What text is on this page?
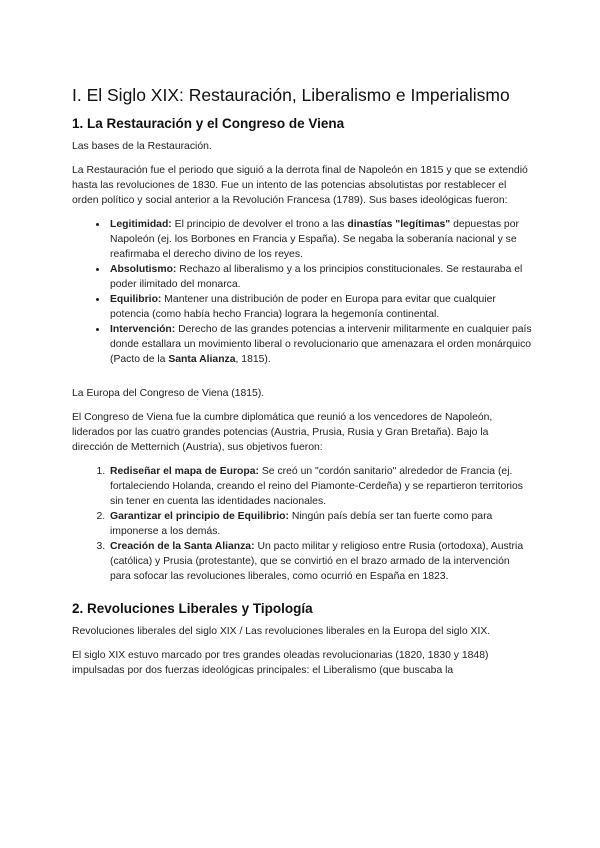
I. El Siglo XIX: Restauración, Liberalismo e Imperialismo
1. La Restauración y el Congreso de Viena

Las bases de la Restauración.

La Restauración fue el periodo que siguió a la derrota final de Napoleón en 1815 y que se extendió hasta las revoluciones de 1830. Fue un intento de las potencias absolutistas por restablecer el orden político y social anterior a la Revolución Francesa (1789). Sus bases ideológicas fueron:

• Legitimidad: El principio de devolver el trono a las dinastías "legítimas" depuestas por Napoleón (ej. los Borbones en Francia y España). Se negaba la soberanía nacional y se reafirmaba el derecho divino de los reyes.
• Absolutismo: Rechazo al liberalismo y a los principios constitucionales. Se restauraba el poder ilimitado del monarca.
• Equilibrio: Mantener una distribución de poder en Europa para evitar que cualquier potencia (como había hecho Francia) lograra la hegemonía continental.
• Intervención: Derecho de las grandes potencias a intervenir militarmente en cualquier país donde estallara un movimiento liberal o revolucionario que amenazara el orden monárquico (Pacto de la Santa Alianza, 1815).

La Europa del Congreso de Viena (1815).

El Congreso de Viena fue la cumbre diplomática que reunió a los vencedores de Napoleón, liderados por las cuatro grandes potencias (Austria, Prusia, Rusia y Gran Bretaña). Bajo la dirección de Metternich (Austria), sus objetivos fueron:

1. Rediseñar el mapa de Europa: Se creó un "cordón sanitario" alrededor de Francia (ej. fortaleciendo Holanda, creando el reino del Piamonte-Cerdeña) y se repartieron territorios sin tener en cuenta las identidades nacionales.
2. Garantizar el principio de Equilibrio: Ningún país debía ser tan fuerte como para imponerse a los demás.
3. Creación de la Santa Alianza: Un pacto militar y religioso entre Rusia (ortodoxa), Austria (católica) y Prusia (protestante), que se convirtió en el brazo armado de la intervención para sofocar las revoluciones liberales, como ocurrió en España en 1823.
2. Revoluciones Liberales y Tipología

Revoluciones liberales del siglo XIX / Las revoluciones liberales en la Europa del siglo XIX.

El siglo XIX estuvo marcado por tres grandes oleadas revolucionarias (1820, 1830 y 1848) impulsadas por dos fuerzas ideológicas principales: el Liberalismo (que buscaba la
